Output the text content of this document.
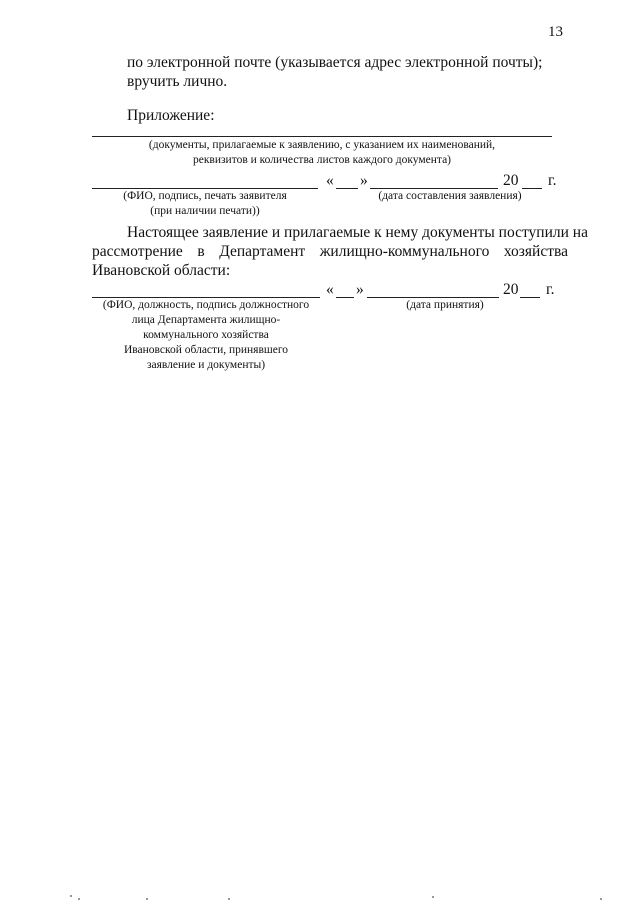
13
по электронной почте (указывается адрес электронной почты);
вручить лично.
Приложение:
(документы, прилагаемые к заявлению, с указанием их наименований,
реквизитов и количества листов каждого документа)
« »	20 г.
(ФИО, подпись, печать заявителя
(при наличии печати))
(дата составления заявления)
Настоящее заявление и прилагаемые к нему документы поступили на
рассмотрение в Департамент жилищно-коммунального хозяйства
Ивановской области:
« »	20 г.
(ФИО, должность, подпись должностного
лица Департамента жилищно-
коммунального хозяйства
Ивановской области, принявшего
заявление и документы)
(дата принятия)
